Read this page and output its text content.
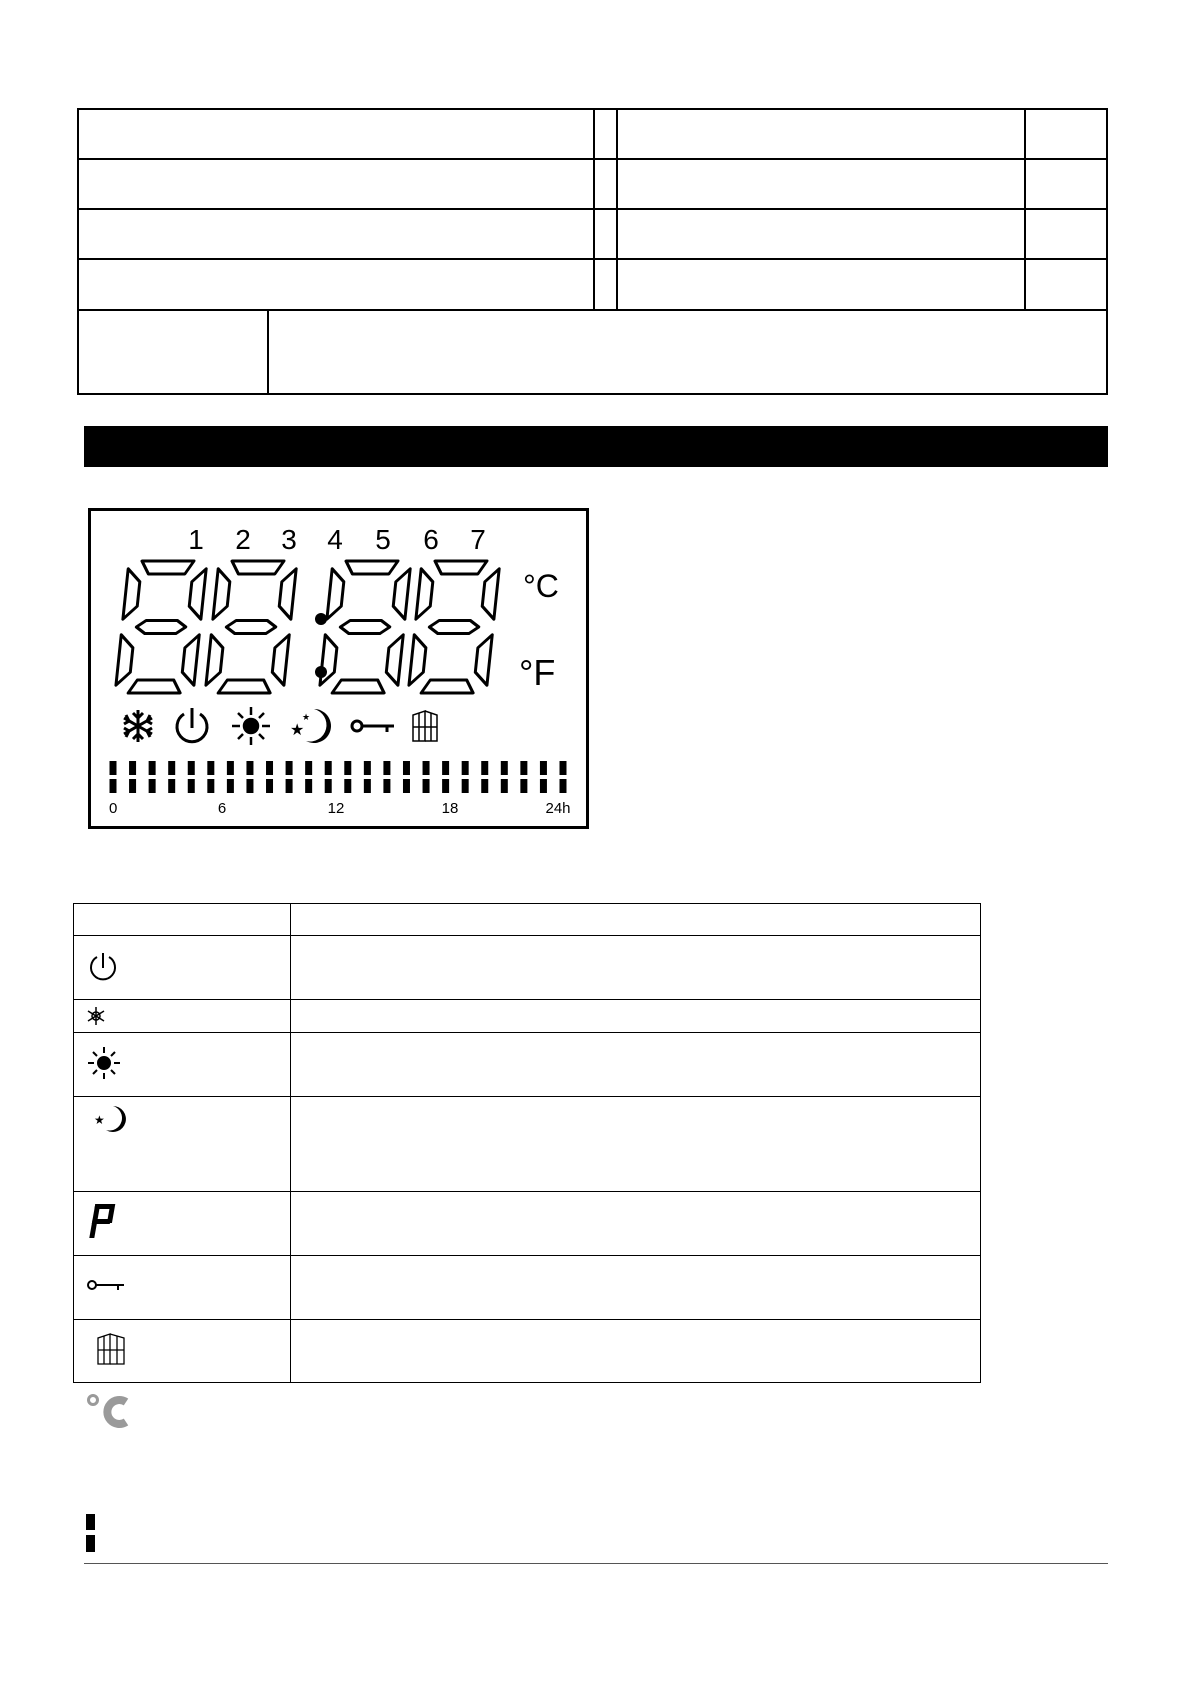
1 2 3 4 5 6 7
°C
°F
★
★
0	6	12	18	24h

★	
